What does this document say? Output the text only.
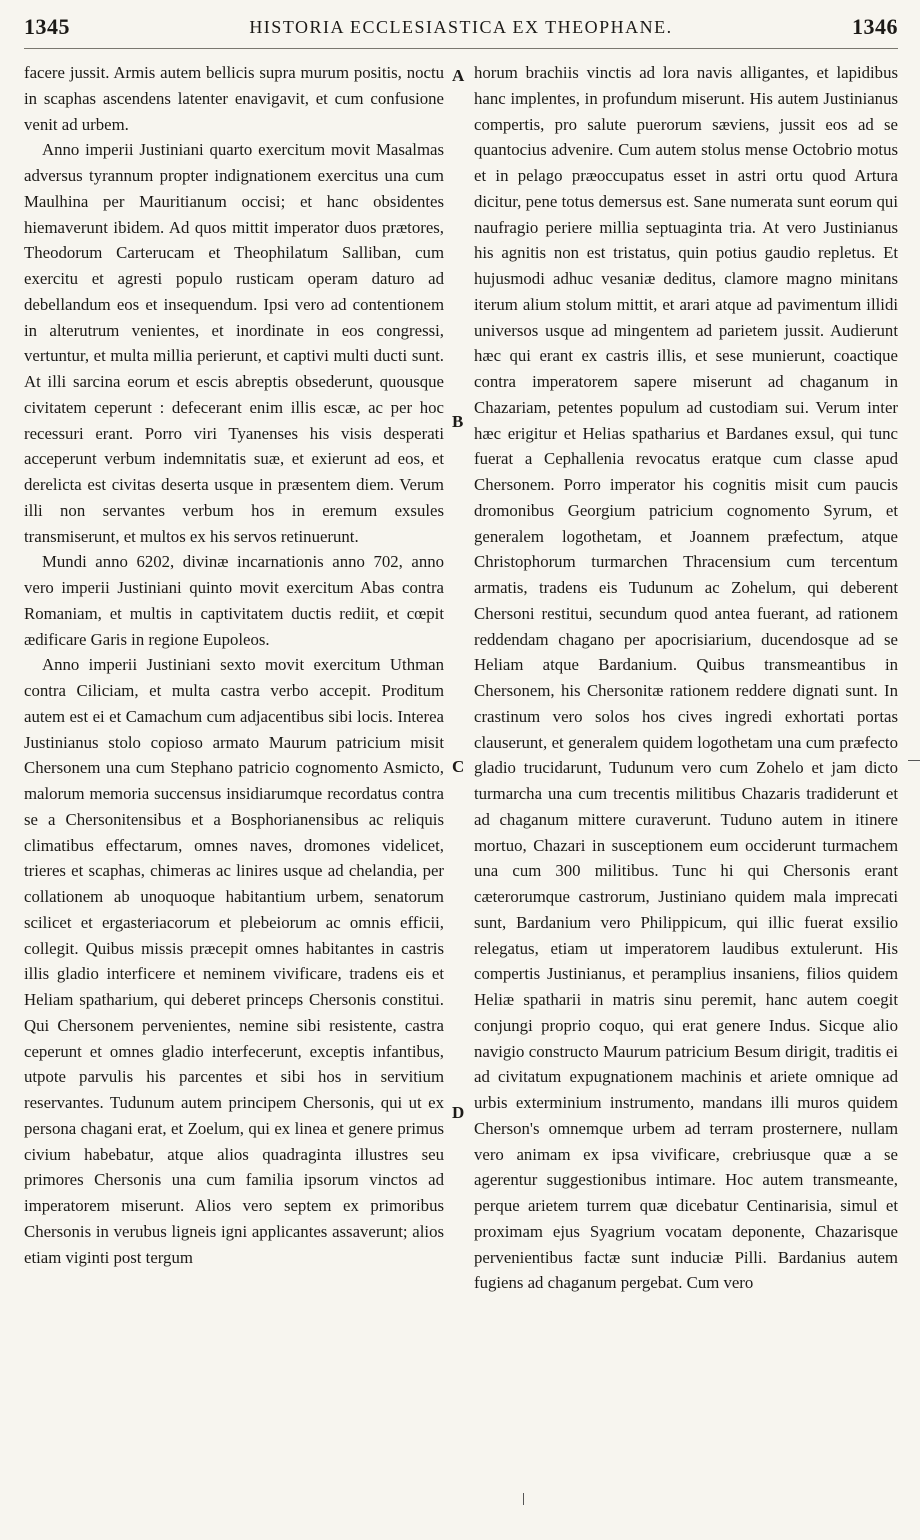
1345	HISTORIA ECCLESIASTICA EX THEOPHANE.	1346

facere jussit. Armis autem bellicis supra murum positis, noctu in scaphas ascendens latenter enavigavit, et cum confusione venit ad urbem.

Anno imperii Justiniani quarto exercitum movit Masalmas adversus tyrannum propter indignationem exercitus una cum Maulhina per Mauritianum occisi; et hanc obsidentes hiemaverunt ibidem. Ad quos mittit imperator duos prætores, Theodorum Carterucam et Theophilatum Salliban, cum exercitu et agresti populo rusticam operam daturo ad debellandum eos et insequendum. Ipsi vero ad contentionem in alterutrum venientes, et inordinate in eos congressi, vertuntur, et multa millia perierunt, et captivi multi ducti sunt. At illi sarcina eorum et escis abreptis obsederunt, quousque civitatem ceperunt : defecerant enim illis escæ, ac per hoc recessuri erant. Porro viri Tyanenses his visis desperati acceperunt verbum indemnitatis suæ, et exierunt ad eos, et derelicta est civitas deserta usque in præsentem diem. Verum illi non servantes verbum hos in eremum exsules transmiserunt, et multos ex his servos retinuerunt.

Mundi anno 6202, divinæ incarnationis anno 702, anno vero imperii Justiniani quinto movit exercitum Abas contra Romaniam, et multis in captivitatem ductis rediit, et cœpit ædificare Garis in regione Eupoleos.

Anno imperii Justiniani sexto movit exercitum Uthman contra Ciliciam, et multa castra verbo accepit. Proditum autem est ei et Camachum cum adjacentibus sibi locis. Interea Justinianus stolo copioso armato Maurum patricium misit Chersonem una cum Stephano patricio cognomento Asmicto, malorum memoria succensus insidiarumque recordatus contra se a Chersonitensibus et a Bosphorianensibus ac reliquis climatibus effectarum, omnes naves, dromones videlicet, trieres et scaphas, chimeras ac linires usque ad chelandia, per collationem ab unoquoque habitantium urbem, senatorum scilicet et ergasteriacorum et plebeiorum ac omnis efficii, collegit. Quibus missis præcepit omnes habitantes in castris illis gladio interficere et neminem vivificare, tradens eis et Heliam spatharium, qui deberet princeps Chersonis constitui. Qui Chersonem pervenientes, nemine sibi resistente, castra ceperunt et omnes gladio interfecerunt, exceptis infantibus, utpote parvulis his parcentes et sibi hos in servitium reservantes. Tudunum autem principem Chersonis, qui ut ex persona chagani erat, et Zoelum, qui ex linea et genere primus civium habebatur, atque alios quadraginta illustres seu primores Chersonis una cum familia ipsorum vinctos ad imperatorem miserunt. Alios vero septem ex primoribus Chersonis in verubus ligneis igni applicantes assaverunt; alios etiam viginti post tergum

A
B
C
D

horum brachiis vinctis ad lora navis alligantes, et lapidibus hanc implentes, in profundum miserunt. His autem Justinianus compertis, pro salute puerorum sæviens, jussit eos ad se quantocius advenire. Cum autem stolus mense Octobrio motus et in pelago præoccupatus esset in astri ortu quod Artura dicitur, pene totus demersus est. Sane numerata sunt eorum qui naufragio periere millia septuaginta tria. At vero Justinianus his agnitis non est tristatus, quin potius gaudio repletus. Et hujusmodi adhuc vesaniæ deditus, clamore magno minitans iterum alium stolum mittit, et arari atque ad pavimentum illidi universos usque ad mingentem ad parietem jussit. Audierunt hæc qui erant ex castris illis, et sese munierunt, coactique contra imperatorem sapere miserunt ad chaganum in Chazariam, petentes populum ad custodiam sui. Verum inter hæc erigitur et Helias spatharius et Bardanes exsul, qui tunc fuerat a Cephallenia revocatus eratque cum classe apud Chersonem. Porro imperator his cognitis misit cum paucis dromonibus Georgium patricium cognomento Syrum, et generalem logothetam, et Joannem præfectum, atque Christophorum turmarchen Thracensium cum tercentum armatis, tradens eis Tudunum ac Zohelum, qui deberent Chersoni restitui, secundum quod antea fuerant, ad rationem reddendam chagano per apocrisiarium, ducendosque ad se Heliam atque Bardanium. Quibus transmeantibus in Chersonem, his Chersonitæ rationem reddere dignati sunt. In crastinum vero solos hos cives ingredi exhortati portas clauserunt, et generalem quidem logothetam una cum præfecto gladio trucidarunt, Tudunum vero cum Zohelo et jam dicto turmarcha una cum trecentis militibus Chazaris tradiderunt et ad chaganum mittere curaverunt. Tuduno autem in itinere mortuo, Chazari in susceptionem eum occiderunt turmachem una cum 300 militibus. Tunc hi qui Chersonis erant cæterorumque castrorum, Justiniano quidem mala imprecati sunt, Bardanium vero Philippicum, qui illic fuerat exsilio relegatus, etiam ut imperatorem laudibus extulerunt. His compertis Justinianus, et peramplius insaniens, filios quidem Heliæ spatharii in matris sinu peremit, hanc autem coegit conjungi proprio coquo, qui erat genere Indus. Sicque alio navigio constructo Maurum patricium Besum dirigit, traditis ei ad civitatum expugnationem machinis et ariete omnique ad urbis exterminium instrumento, mandans illi muros quidem Cherson's omnemque urbem ad terram prosternere, nullam vero animam ex ipsa vivificare, crebriusque quæ a se agerentur suggestionibus intimare. Hoc autem transmeante, perque arietem turrem quæ dicebatur Centinarisia, simul et proximam ejus Syagrium vocatam deponente, Chazarisque pervenientibus factæ sunt induciæ Pilli. Bardanius autem fugiens ad chaganum pergebat. Cum vero
